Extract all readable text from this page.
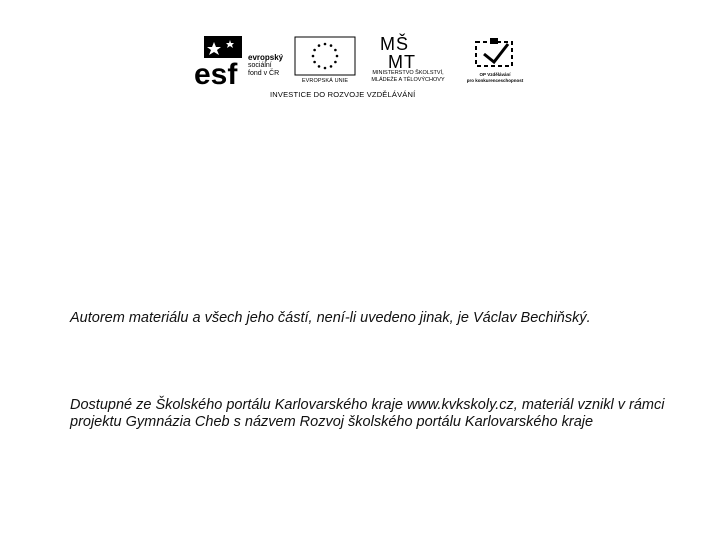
esf
evropský
sociální
fond v ČR
EVROPSKÁ UNIE
MŠ
MT
MINISTERSTVO ŠKOLSTVÍ,
MLÁDEŽE A TĚLOVÝCHOVY
OP Vzdělávání
pro konkurenceschopnost
INVESTICE DO ROZVOJE VZDĚLÁVÁNÍ
Autorem materiálu a všech jeho částí, není-li uvedeno jinak, je Václav Bechiňský.
Dostupné ze Školského portálu Karlovarského kraje www.kvkskoly.cz, materiál vznikl v rámci projektu Gymnázia Cheb s názvem Rozvoj školského portálu Karlovarského kraje
